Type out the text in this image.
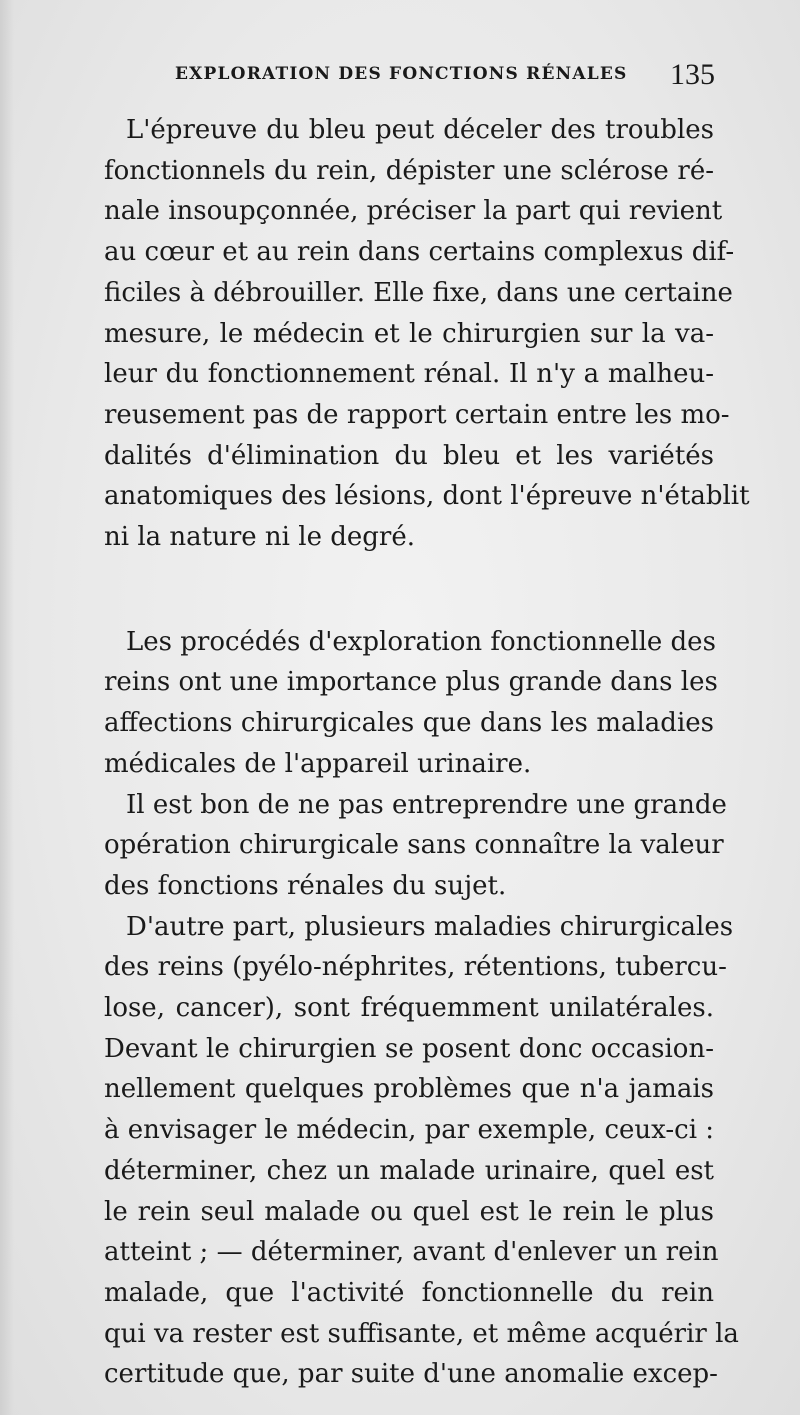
EXPLORATION DES FONCTIONS RÉNALES 135

L'épreuve du bleu peut déceler des troubles
fonctionnels du rein, dépister une sclérose ré-
nale insoupçonnée, préciser la part qui revient
au cœur et au rein dans certains complexus dif-
ficiles à débrouiller. Elle fixe, dans une certaine
mesure, le médecin et le chirurgien sur la va-
leur du fonctionnement rénal. Il n'y a malheu-
reusement pas de rapport certain entre les mo-
dalités d'élimination du bleu et les variétés
anatomiques des lésions, dont l'épreuve n'établit
ni la nature ni le degré.

Les procédés d'exploration fonctionnelle des
reins ont une importance plus grande dans les
affections chirurgicales que dans les maladies
médicales de l'appareil urinaire.

Il est bon de ne pas entreprendre une grande
opération chirurgicale sans connaître la valeur
des fonctions rénales du sujet.

D'autre part, plusieurs maladies chirurgicales
des reins (pyélo-néphrites, rétentions, tubercu-
lose, cancer), sont fréquemment unilatérales.
Devant le chirurgien se posent donc occasion-
nellement quelques problèmes que n'a jamais
à envisager le médecin, par exemple, ceux-ci :
déterminer, chez un malade urinaire, quel est
le rein seul malade ou quel est le rein le plus
atteint ; — déterminer, avant d'enlever un rein
malade, que l'activité fonctionnelle du rein
qui va rester est suffisante, et même acquérir la
certitude que, par suite d'une anomalie excep-
